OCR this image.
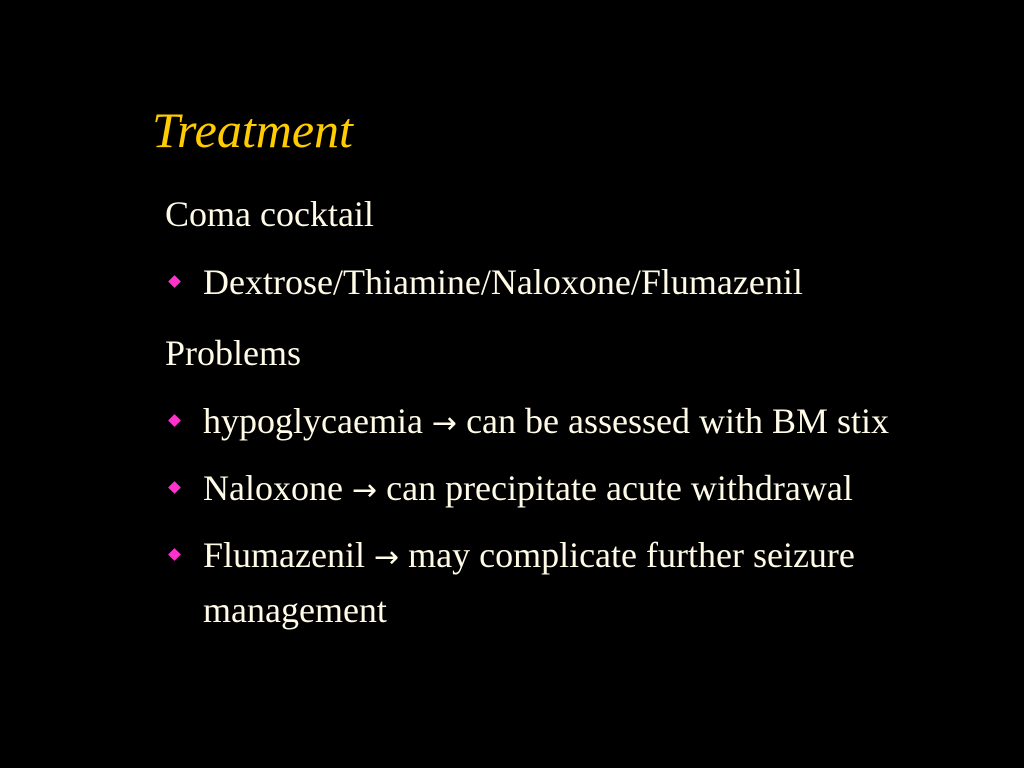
Treatment
Coma cocktail
Dextrose/Thiamine/Naloxone/Flumazenil
Problems
hypoglycaemia → can be assessed with BM stix
Naloxone → can precipitate acute withdrawal
Flumazenil → may complicate further seizure management
